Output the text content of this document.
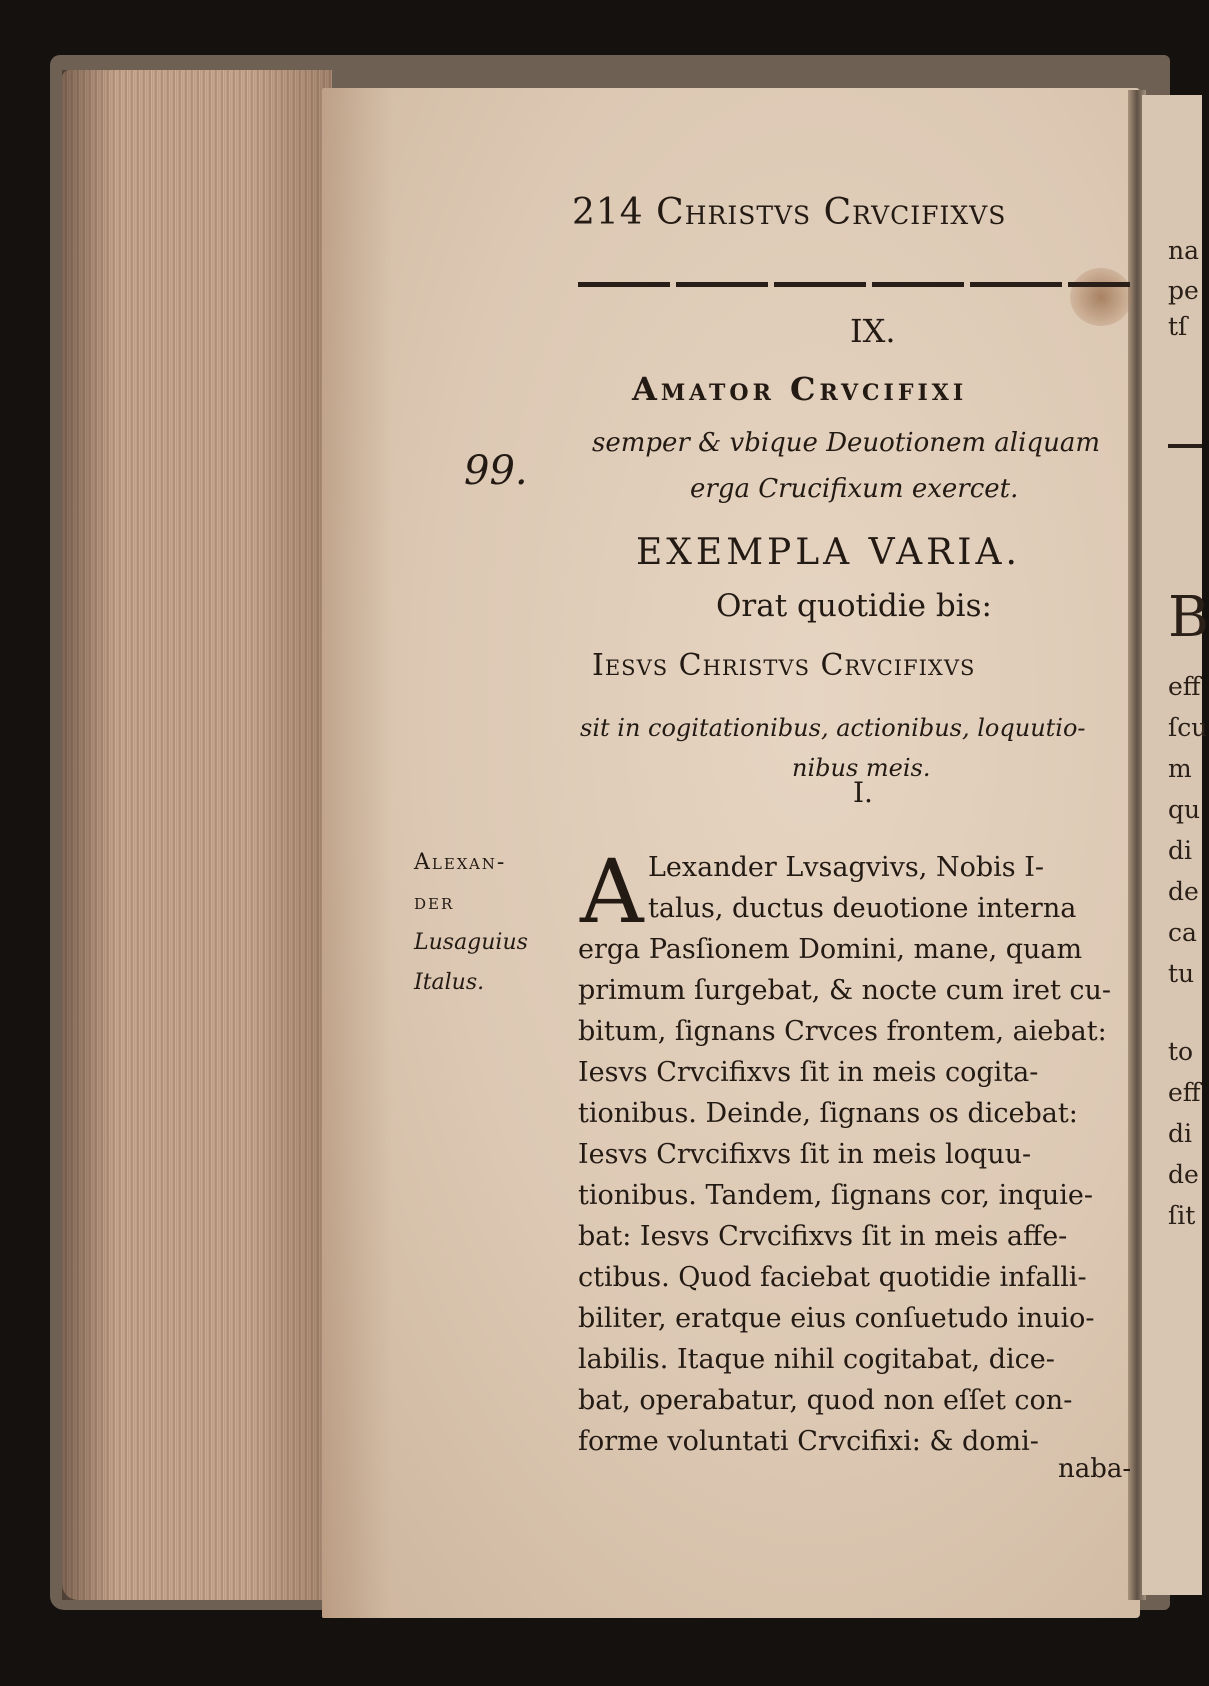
214 Christvs Crvcifixvs
IX.
Amator Crvcifixi
semper & vbique Deuotionem aliquam
erga Crucifixum exercet.
99.
EXEMPLA VARIA.
Orat quotidie bis:
Iesvs Christvs Crvcifixvs
sit in cogitationibus, actionibus, loquutio-
nibus meis.
I.
Alexan-
der
Lusaguius
Italus.
A Lexander Lvsagvivs, Nobis I-
talus, ductus deuotione interna
erga Pasſionem Domini, mane, quam
primum ſurgebat, & nocte cum iret cu-
bitum, ſignans Crvces frontem, aiebat:
Iesvs Crvcifixvs ſit in meis cogita-
tionibus. Deinde, ſignans os dicebat:
Iesvs Crvcifixvs ſit in meis loquu-
tionibus. Tandem, ſignans cor, inquie-
bat: Iesvs Crvcifixvs ſit in meis affe-
ctibus. Quod faciebat quotidie infalli-
biliter, eratque eius conſuetudo inuio-
labilis. Itaque nihil cogitabat, dice-
bat, operabatur, quod non eſſet con-
forme voluntati Crvcifixi: & domi-
naba-
na
pe
tſ
B
eff
ſcu
m
qu
di
de
ca
tu
to
eff
di
de
ſit
